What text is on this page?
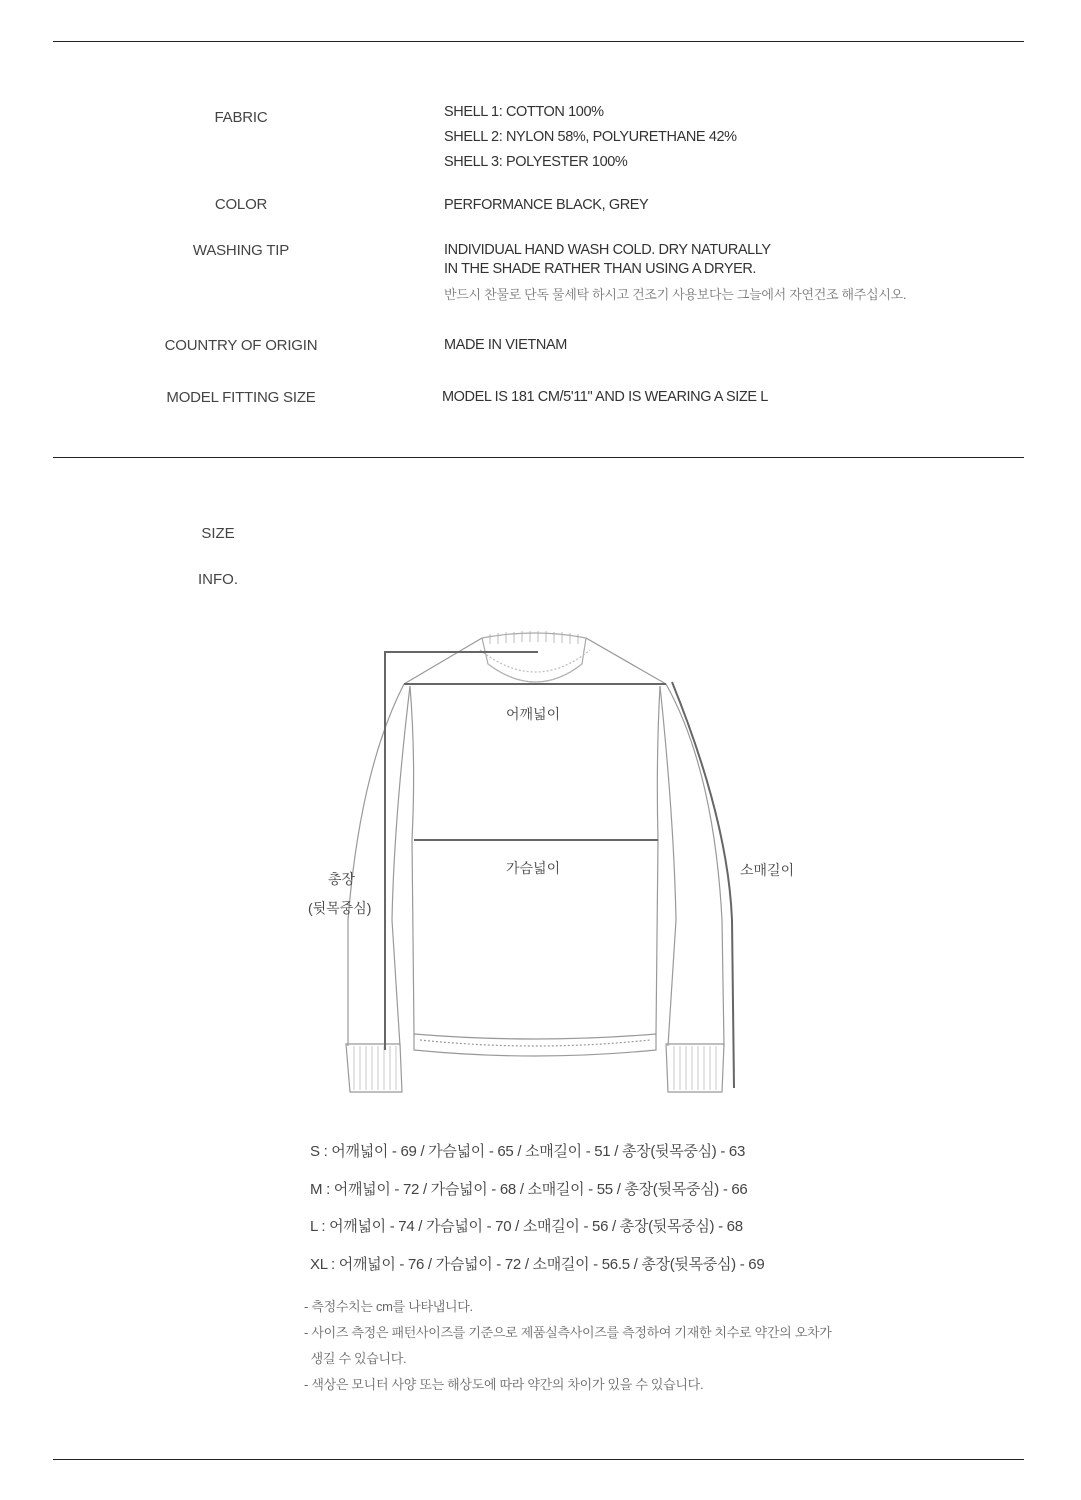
FABRIC	SHELL 1: COTTON 100%
SHELL 2: NYLON 58%, POLYURETHANE 42%
SHELL 3: POLYESTER 100%
COLOR	PERFORMANCE BLACK, GREY
WASHING TIP	INDIVIDUAL HAND WASH COLD. DRY NATURALLY
IN THE SHADE RATHER THAN USING A DRYER.
반드시 찬물로 단독 물세탁 하시고 건조기 사용보다는 그늘에서 자연건조 해주십시오.
COUNTRY OF ORIGIN	MADE IN VIETNAM
MODEL FITTING SIZE	MODEL IS 181 CM/5'11" AND IS WEARING A SIZE L
SIZE
INFO.
어깨넓이
가슴넓이	소매길이
총장
(뒷목중심)
S : 어깨넓이 - 69 / 가슴넓이 - 65 / 소매길이 - 51 / 총장(뒷목중심) - 63
M : 어깨넓이 - 72 / 가슴넓이 - 68 / 소매길이 - 55 / 총장(뒷목중심) - 66
L : 어깨넓이 - 74 / 가슴넓이 - 70 / 소매길이 - 56 / 총장(뒷목중심) - 68
XL : 어깨넓이 - 76 / 가슴넓이 - 72 / 소매길이 - 56.5 / 총장(뒷목중심) - 69
- 측정수치는 cm를 나타냅니다.
- 사이즈 측정은 패턴사이즈를 기준으로 제품실측사이즈를 측정하여 기재한 치수로 약간의 오차가
생길 수 있습니다.
- 색상은 모니터 사양 또는 해상도에 따라 약간의 차이가 있을 수 있습니다.
